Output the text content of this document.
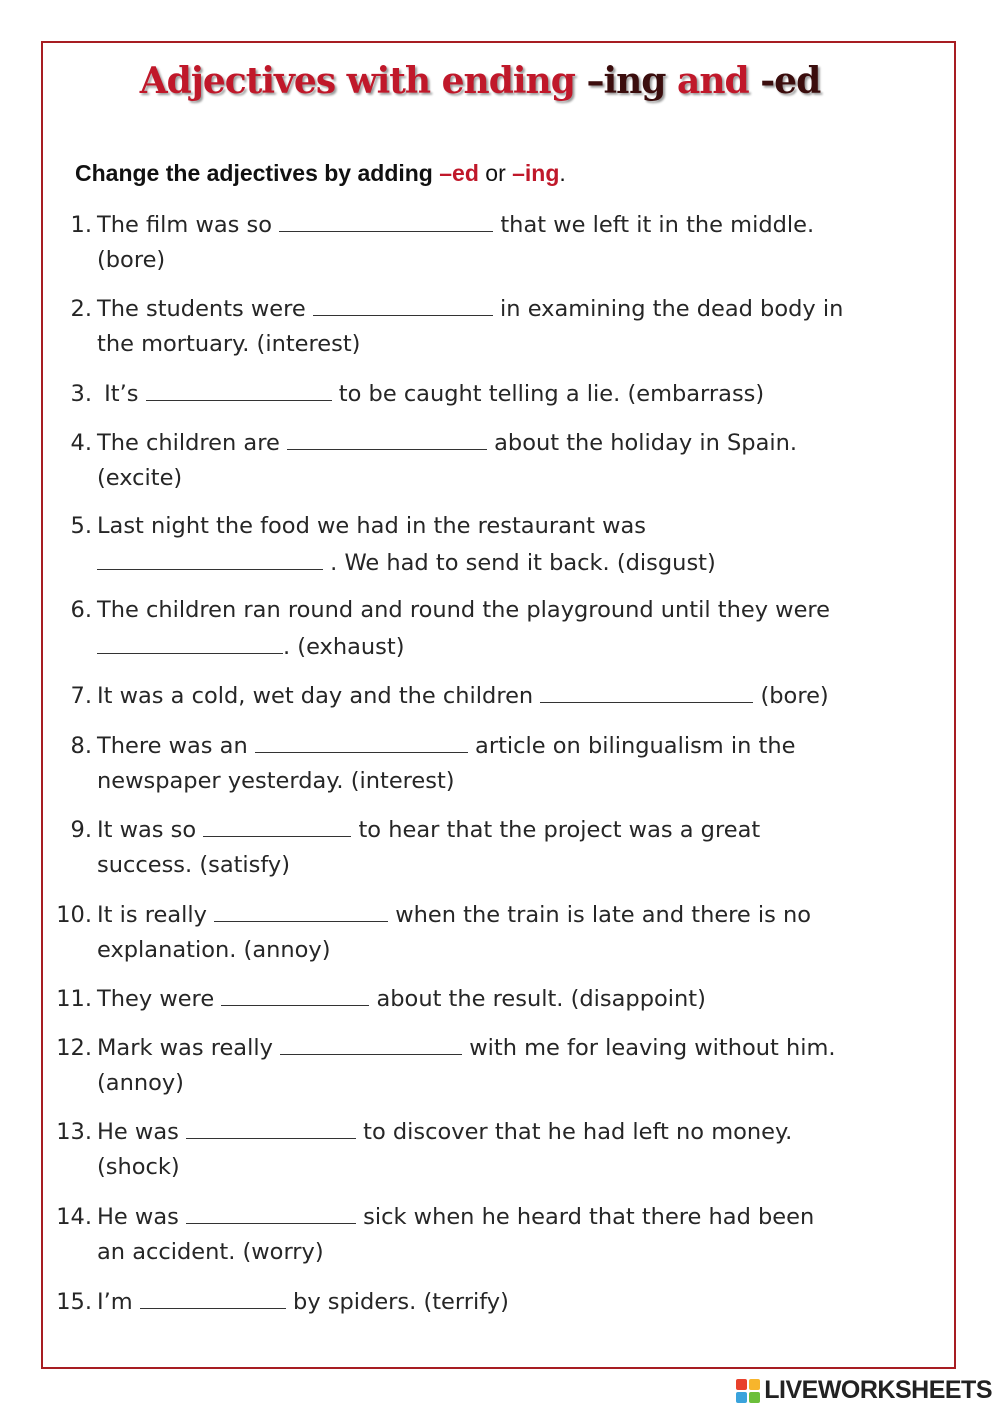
Adjectives with ending –ing and -ed
Change the adjectives by adding –ed or –ing.
1. The film was so	that we left it in the middle.
(bore)
2. The students were	in examining the dead body in
the mortuary. (interest)
3. It’s	to be caught telling a lie. (embarrass)
4. The children are	about the holiday in Spain.
(excite)
5. Last night the food we had in the restaurant was
. We had to send it back. (disgust)
6. The children ran round and round the playground until they were
. (exhaust)
7. It was a cold, wet day and the children	(bore)
8. There was an	article on bilingualism in the
newspaper yesterday. (interest)
9. It was so	to hear that the project was a great
success. (satisfy)
10. It is really	when the train is late and there is no
explanation. (annoy)
11. They were	about the result. (disappoint)
12. Mark was really	with me for leaving without him.
(annoy)
13. He was	to discover that he had left no money.
(shock)
14. He was	sick when he heard that there had been
an accident. (worry)
15. I’m	by spiders. (terrify)
LIVEWORKSHEETS
